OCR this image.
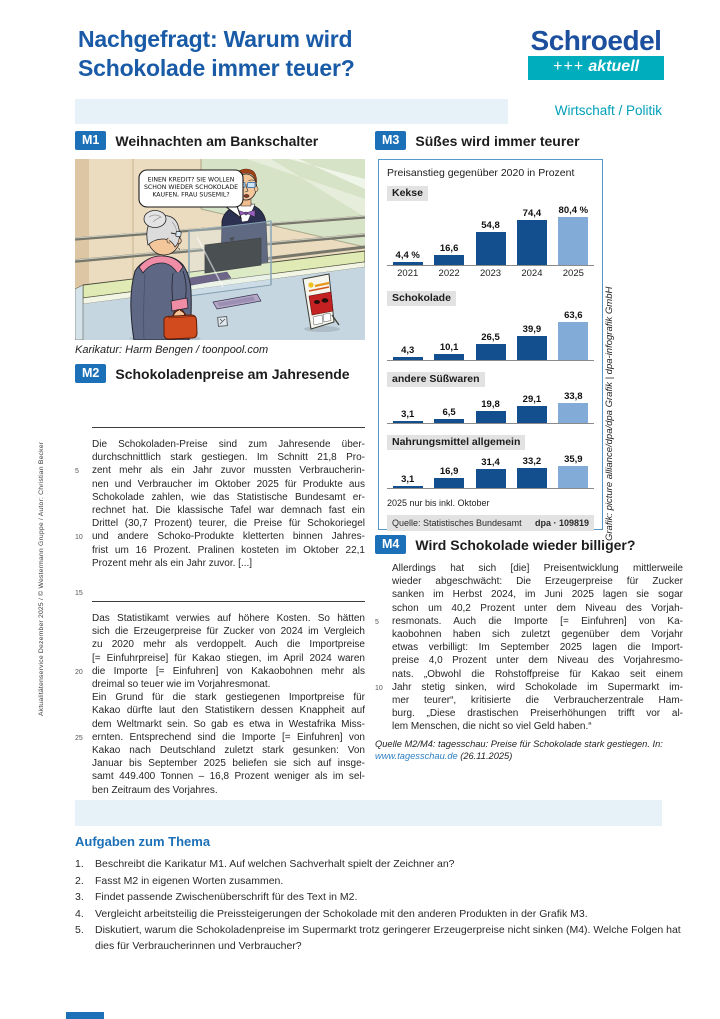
Aktualitätenservice Dezember 2025 / © Westermann Gruppe / Autor: Christian Becker
Nachgefragt: Warum wird
Schokolade immer teuer?
Schroedel
+++ aktuell
Wirtschaft / Politik
M1	Weihnachten am Bankschalter
EINEN KREDIT? SIE WOLLEN
SCHON WIEDER SCHOKOLADE
KAUFEN, FRAU SUSEMIL?
Karikatur: Harm Bengen / toonpool.com
M2	Schokoladenpreise am Jahresende
Die Schokoladen-Preise sind zum Jahresende über-
durchschnittlich stark gestiegen. Im Schnitt 21,8 Pro-
5	zent mehr als ein Jahr zuvor mussten Verbraucherin-
nen und Verbraucher im Oktober 2025 für Produkte aus
Schokolade zahlen, wie das Statistische Bundesamt er-
rechnet hat. Die klassische Tafel war demnach fast ein
Drittel (30,7 Prozent) teurer, die Preise für Schokoriegel
10 und andere Schoko-Produkte kletterten binnen Jahres-
frist um 16 Prozent. Pralinen kosteten im Oktober 22,1
Prozent mehr als ein Jahr zuvor. [...]
15
Das Statistikamt verwies auf höhere Kosten. So hätten
sich die Erzeugerpreise für Zucker von 2024 im Vergleich
zu 2020 mehr als verdoppelt. Auch die Importpreise
[= Einfuhrpreise] für Kakao stiegen, im April 2024 waren
20 die Importe [= Einfuhren] von Kakaobohnen mehr als
dreimal so teuer wie im Vorjahresmonat.
Ein Grund für die stark gestiegenen Importpreise für
Kakao dürfte laut den Statistikern dessen Knappheit auf
dem Weltmarkt sein. So gab es etwa in Westafrika Miss-
25 ernten. Entsprechend sind die Importe [= Einfuhren] von
Kakao nach Deutschland zuletzt stark gesunken: Von
Januar bis September 2025 beliefen sie sich auf insge-
samt 449.400 Tonnen – 16,8 Prozent weniger als im sel-
ben Zeitraum des Vorjahres.
M3	Süßes wird immer teurer
Preisanstieg gegenüber 2020 in Prozent
Kekse
4,4 %
16,6
54,8
74,4 80,4 %
2021	2022	2023	2024	2025
Schokolade
4,3	10,1
26,5
39,9
63,6
andere Süßwaren
3,1	6,5
19,8 29,1 33,8
Nahrungsmittel allgemein
3,1
16,9
31,4 33,2 35,9
2025 nur bis inkl. Oktober
Quelle: Statistisches Bundesamt dpa · 109819 Grafik: picture alliance/dpa/dpa Grafik | dpa-infografik GmbH
M4	Wird Schokolade wieder billiger?
Allerdings hat sich [die] Preisentwicklung mittlerweile
wieder abgeschwächt: Die Erzeugerpreise für Zucker
sanken im Herbst 2024, im Juni 2025 lagen sie sogar
schon um 40,2 Prozent unter dem Niveau des Vorjah-
5	resmonats. Auch die Importe [= Einfuhren] von Ka-
kaobohnen haben sich zuletzt gegenüber dem Vorjahr
etwas verbilligt: Im September 2025 lagen die Import-
preise 4,0 Prozent unter dem Niveau des Vorjahresmo-
nats. „Obwohl die Rohstoffpreise für Kakao seit einem
10 Jahr stetig sinken, wird Schokolade im Supermarkt im-
mer teurer“, kritisierte die Verbraucherzentrale Ham-
burg. „Diese drastischen Preiserhöhungen trifft vor al-
lem Menschen, die nicht so viel Geld haben.“
Quelle M2/M4: tagesschau: Preise für Schokolade stark gestiegen. In:
www.tagesschau.de (26.11.2025)
Aufgaben zum Thema
1.	Beschreibt die Karikatur M1. Auf welchen Sachverhalt spielt der Zeichner an?
2.	Fasst M2 in eigenen Worten zusammen.
3.	Findet passende Zwischenüberschrift für des Text in M2.
4.	Vergleicht arbeitsteilig die Preissteigerungen der Schokolade mit den anderen Produkten in der Grafik M3.
5.	Diskutiert, warum die Schokoladenpreise im Supermarkt trotz geringerer Erzeugerpreise nicht sinken (M4). Welche Folgen hat dies für Verbraucherinnen und Verbraucher?
